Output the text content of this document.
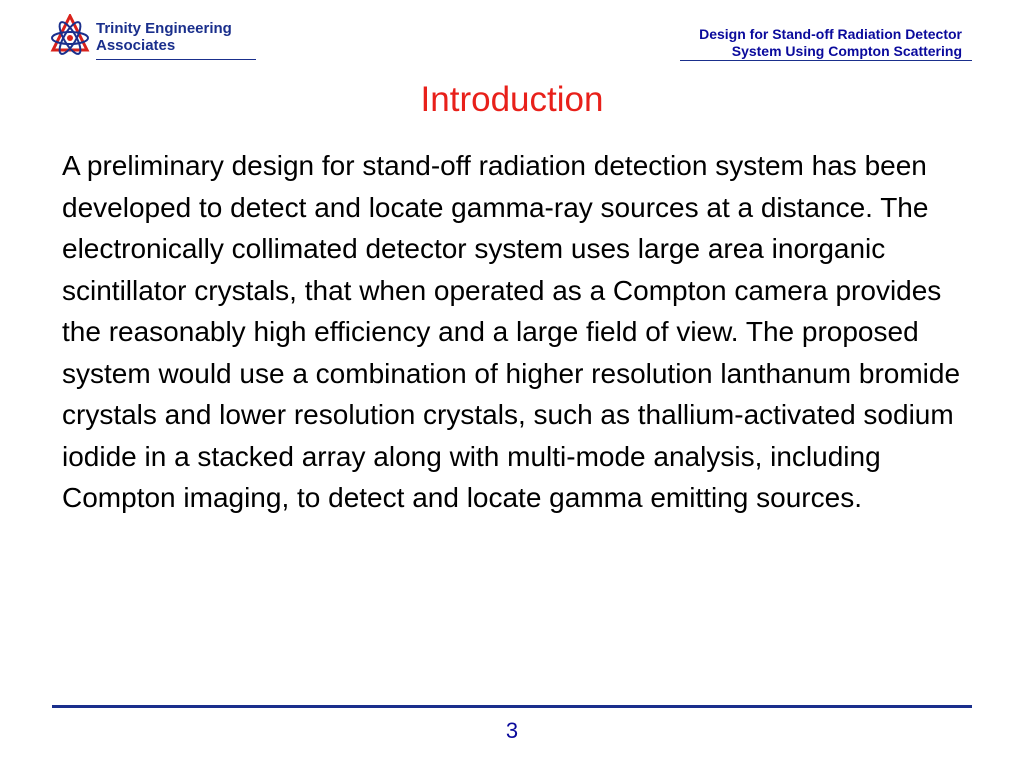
Trinity Engineering
Associates
Design for Stand-off Radiation Detector
System Using Compton Scattering
Introduction
A preliminary design for stand-off radiation detection system has been developed to detect and locate gamma-ray sources at a distance. The electronically collimated detector system uses large area inorganic scintillator crystals, that when operated as a Compton camera provides the reasonably high efficiency and a large field of view. The proposed system would use a combination of higher resolution lanthanum bromide crystals and lower resolution crystals, such as thallium-activated sodium iodide in a stacked array along with multi-mode analysis, including Compton imaging, to detect and locate gamma emitting sources.
3
